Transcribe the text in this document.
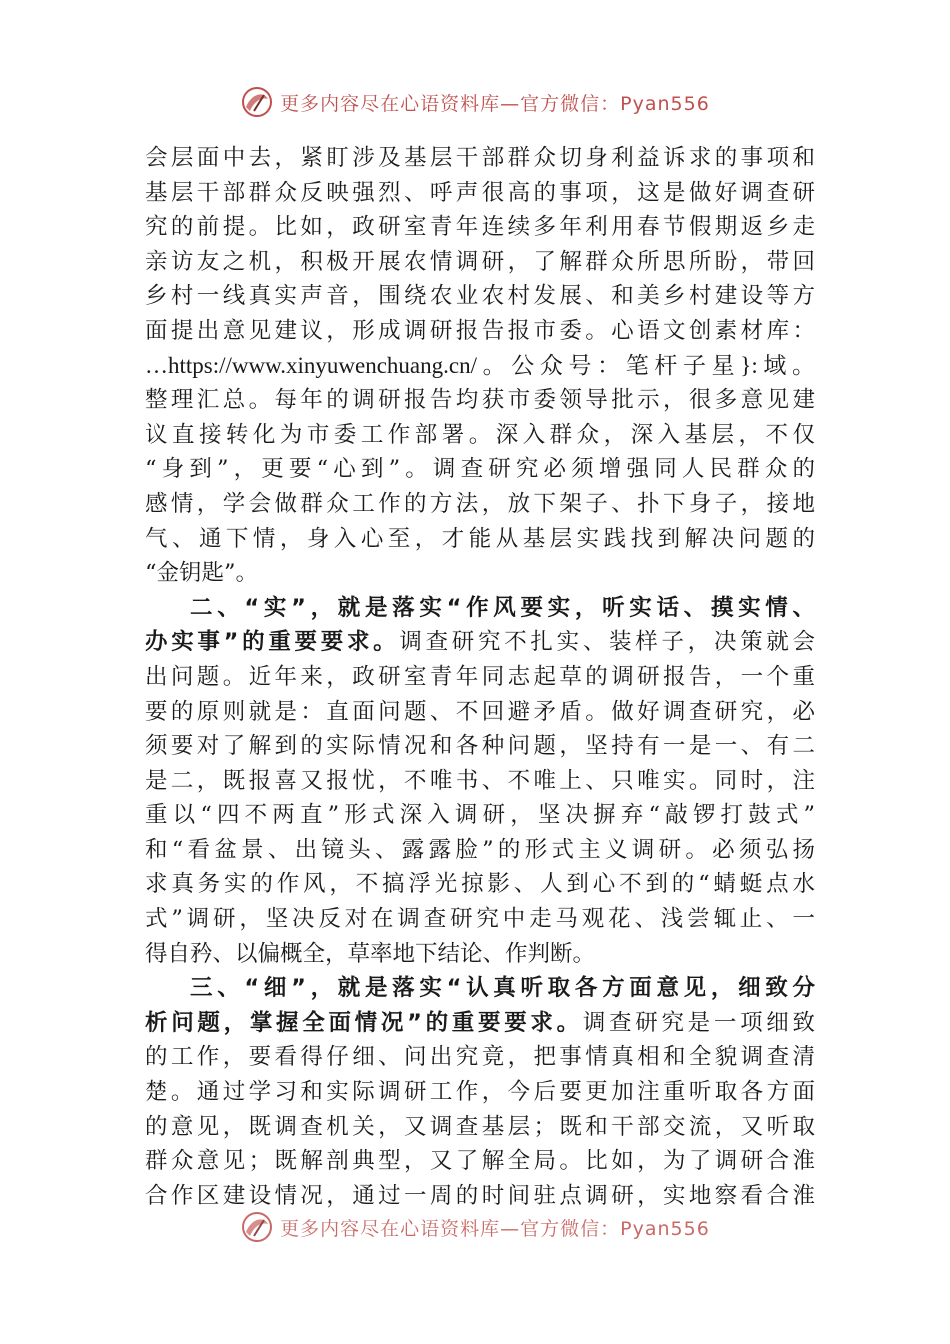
更多内容尽在心语资料库—官方微信：Pyan556
会层面中去，紧盯涉及基层干部群众切身利益诉求的事项和
基层干部群众反映强烈、呼声很高的事项，这是做好调查研
究的前提。比如，政研室青年连续多年利用春节假期返乡走
亲访友之机，积极开展农情调研，了解群众所思所盼，带回
乡村一线真实声音，围绕农业农村发展、和美乡村建设等方
面提出意见建议，形成调研报告报市委。心语文创素材库：
…https://www.xinyuwenchuang.cn/。公众号：笔杆子星}:域。
整理汇总。每年的调研报告均获市委领导批示，很多意见建
议直接转化为市委工作部署。深入群众，深入基层，不仅
“身到”，更要“心到”。调查研究必须增强同人民群众的
感情，学会做群众工作的方法，放下架子、扑下身子，接地
气、通下情，身入心至，才能从基层实践找到解决问题的
“金钥匙”。
二、“实”，就是落实“作风要实，听实话、摸实情、
办实事”的重要要求。调查研究不扎实、装样子，决策就会
出问题。近年来，政研室青年同志起草的调研报告，一个重
要的原则就是：直面问题、不回避矛盾。做好调查研究，必
须要对了解到的实际情况和各种问题，坚持有一是一、有二
是二，既报喜又报忧，不唯书、不唯上、只唯实。同时，注
重以“四不两直”形式深入调研，坚决摒弃“敲锣打鼓式”
和“看盆景、出镜头、露露脸”的形式主义调研。必须弘扬
求真务实的作风，不搞浮光掠影、人到心不到的“蜻蜓点水
式”调研，坚决反对在调查研究中走马观花、浅尝辄止、一
得自矜、以偏概全，草率地下结论、作判断。
三、“细”，就是落实“认真听取各方面意见，细致分
析问题，掌握全面情况”的重要要求。调查研究是一项细致
的工作，要看得仔细、问出究竟，把事情真相和全貌调查清
楚。通过学习和实际调研工作，今后要更加注重听取各方面
的意见，既调查机关，又调查基层；既和干部交流，又听取
群众意见；既解剖典型，又了解全局。比如，为了调研合淮
合作区建设情况，通过一周的时间驻点调研，实地察看合淮
更多内容尽在心语资料库—官方微信：Pyan556
